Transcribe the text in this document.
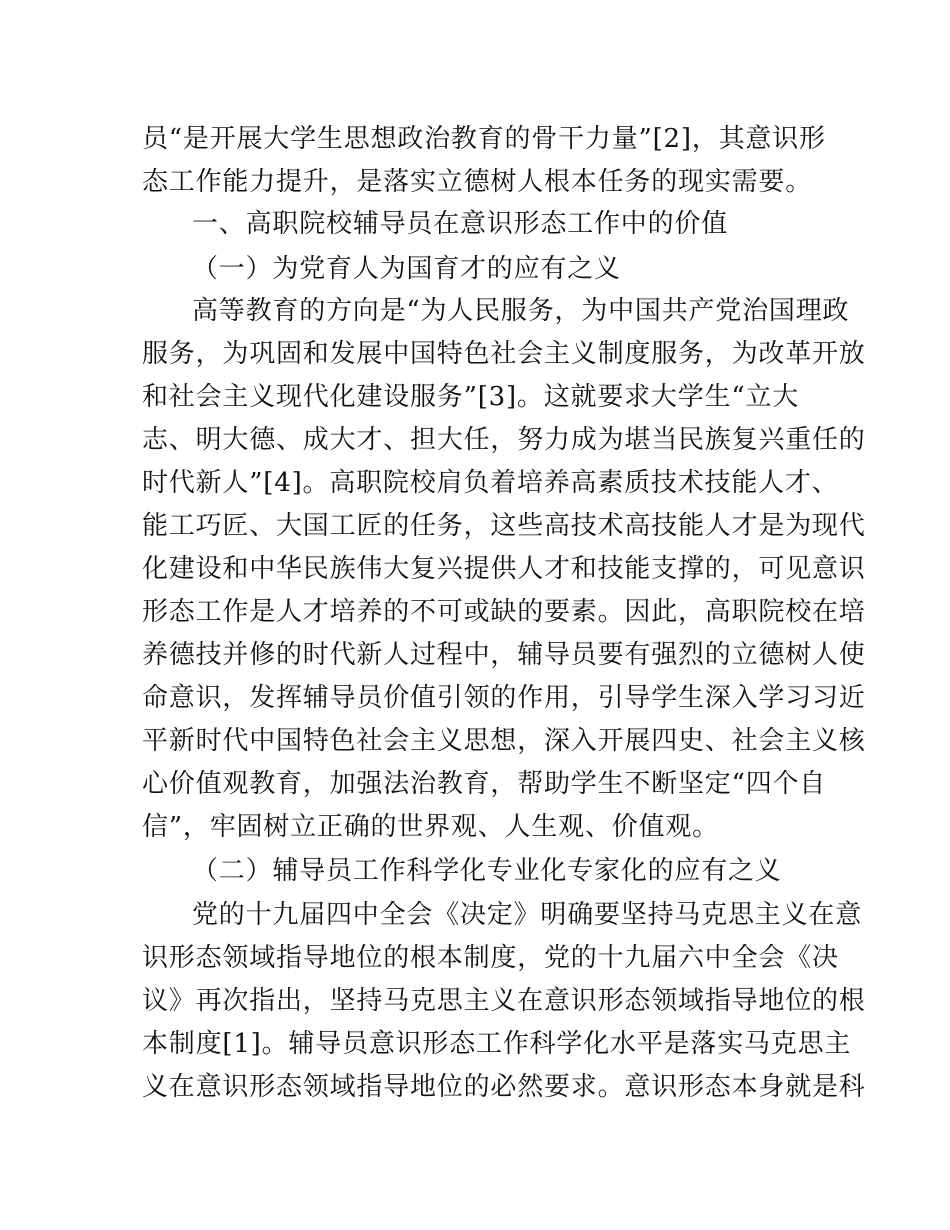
员“是开展大学生思想政治教育的骨干力量”[2]，其意识形
态工作能力提升，是落实立德树人根本任务的现实需要。
一、高职院校辅导员在意识形态工作中的价值
（一）为党育人为国育才的应有之义
高等教育的方向是“为人民服务，为中国共产党治国理政
服务，为巩固和发展中国特色社会主义制度服务，为改革开放
和社会主义现代化建设服务”[3]。这就要求大学生“立大
志、明大德、成大才、担大任，努力成为堪当民族复兴重任的
时代新人”[4]。高职院校肩负着培养高素质技术技能人才、
能工巧匠、大国工匠的任务，这些高技术高技能人才是为现代
化建设和中华民族伟大复兴提供人才和技能支撑的，可见意识
形态工作是人才培养的不可或缺的要素。因此，高职院校在培
养德技并修的时代新人过程中，辅导员要有强烈的立德树人使
命意识，发挥辅导员价值引领的作用，引导学生深入学习习近
平新时代中国特色社会主义思想，深入开展四史、社会主义核
心价值观教育，加强法治教育，帮助学生不断坚定“四个自
信”，牢固树立正确的世界观、人生观、价值观。
（二）辅导员工作科学化专业化专家化的应有之义
党的十九届四中全会《决定》明确要坚持马克思主义在意
识形态领域指导地位的根本制度，党的十九届六中全会《决
议》再次指出，坚持马克思主义在意识形态领域指导地位的根
本制度[1]。辅导员意识形态工作科学化水平是落实马克思主
义在意识形态领域指导地位的必然要求。意识形态本身就是科
